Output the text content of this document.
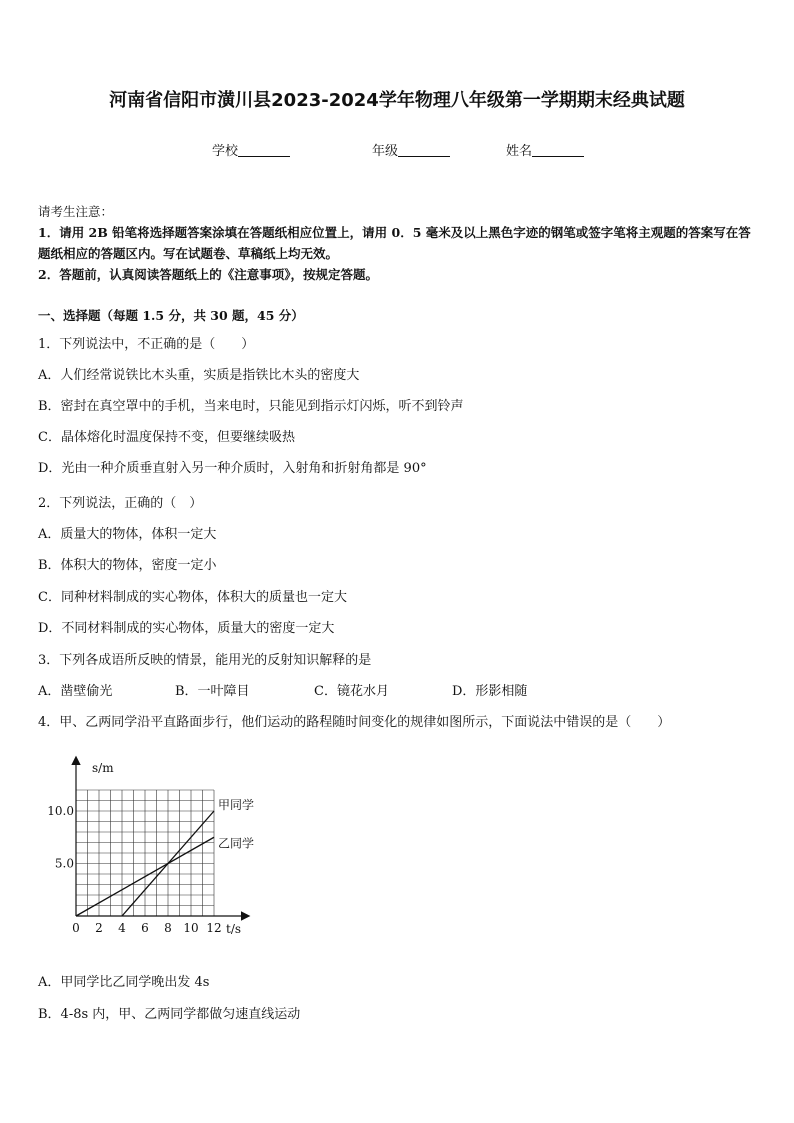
河南省信阳市潢川县2023-2024学年物理八年级第一学期期末经典试题
学校	年级	姓名
请考生注意：
1．请用 2B 铅笔将选择题答案涂填在答题纸相应位置上，请用 0．5 毫米及以上黑色字迹的钢笔或签字笔将主观题的答案写在答题纸相应的答题区内。写在试题卷、草稿纸上均无效。
2．答题前，认真阅读答题纸上的《注意事项》，按规定答题。
一、选择题（每题 1.5 分，共 30 题，45 分）
1．下列说法中，不正确的是（　　）
A．人们经常说铁比木头重，实质是指铁比木头的密度大
B．密封在真空罩中的手机，当来电时，只能见到指示灯闪烁，听不到铃声
C．晶体熔化时温度保持不变，但要继续吸热
D．光由一种介质垂直射入另一种介质时，入射角和折射角都是 90°
2．下列说法，正确的（　）
A．质量大的物体，体积一定大
B．体积大的物体，密度一定小
C．同种材料制成的实心物体，体积大的质量也一定大
D．不同材料制成的实心物体，质量大的密度一定大
3．下列各成语所反映的情景，能用光的反射知识解释的是
A．凿壁偷光	B．一叶障目	C．镜花水月	D．形影相随
4．甲、乙两同学沿平直路面步行，他们运动的路程随时间变化的规律如图所示，下面说法中错误的是（　　）
s/m
t/s
0 2 4 6 8 10 12
5.0
10.0	甲同学
乙同学
A．甲同学比乙同学晚出发 4s
B．4-8s 内，甲、乙两同学都做匀速直线运动
